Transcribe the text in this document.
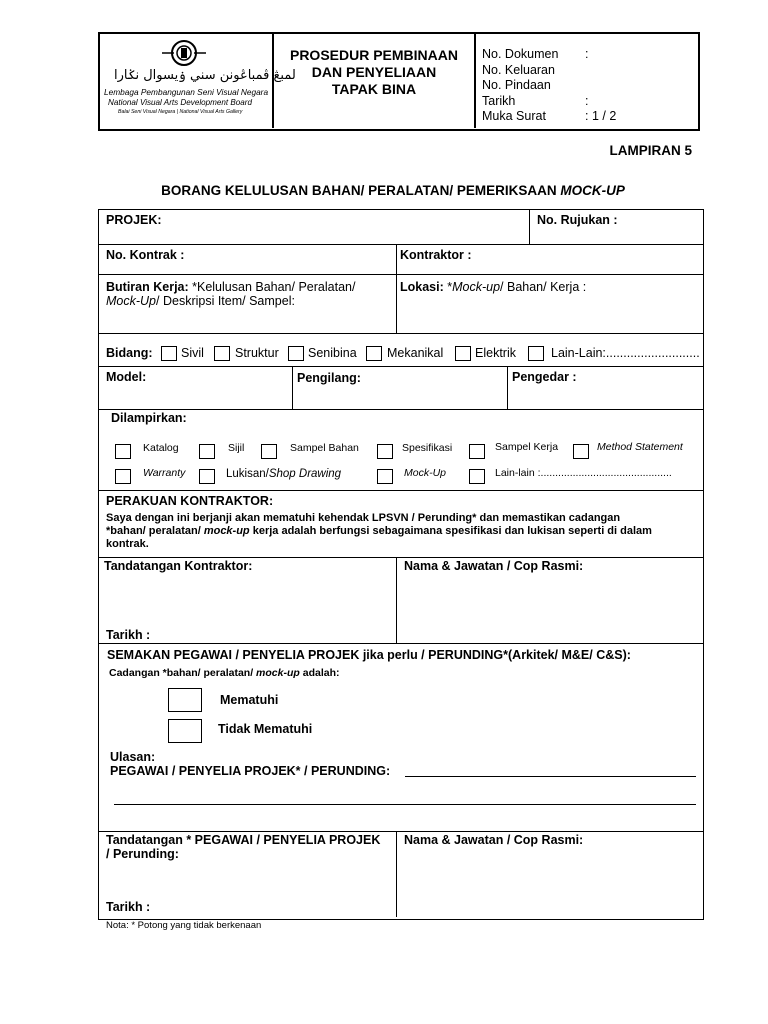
لمبڠ ڤمباڠونن سني ۏيسوال نݢارا
Lembaga Pembangunan Seni Visual Negara
National Visual Arts Development Board
Balai Seni Visual Negara | National Visual Arts Gallery
PROSEDUR PEMBINAAN
DAN PENYELIAAN
TAPAK BINA
No. Dokumen :
No. Keluaran
No. Pindaan
Tarikh	:
Muka Surat	: 1 / 2
LAMPIRAN 5
BORANG KELULUSAN BAHAN/ PERALATAN/ PEMERIKSAAN MOCK-UP
PROJEK:	No. Rujukan :
No. Kontrak :	Kontraktor :
Butiran Kerja: *Kelulusan Bahan/ Peralatan/
Mock-Up/ Deskripsi Item/ Sampel:
Lokasi: *Mock-up/ Bahan/ Kerja :
Bidang: Sivil Struktur Senibina Mekanikal	Elektrik	Lain-Lain:...........................
Model:	Pengilang:	Pengedar :
Dilampirkan:
Katalog	Sijil	Sampel Bahan	Spesifikasi	Sampel Kerja	Method Statement
Warranty	Lukisan/Shop Drawing	Mock-Up	Lain-lain :.............................................
PERAKUAN KONTRAKTOR:
Saya dengan ini berjanji akan mematuhi kehendak LPSVN / Perunding* dan memastikan cadangan
*bahan/ peralatan/ mock-up kerja adalah berfungsi sebagaimana spesifikasi dan lukisan seperti di dalam
kontrak.
Tandatangan Kontraktor:	Nama & Jawatan / Cop Rasmi:
Tarikh :
SEMAKAN PEGAWAI / PENYELIA PROJEK jika perlu / PERUNDING*(Arkitek/ M&E/ C&S):
Cadangan *bahan/ peralatan/ mock-up adalah:
Mematuhi
Tidak Mematuhi
Ulasan:
PEGAWAI / PENYELIA PROJEK* / PERUNDING:
Tandatangan * PEGAWAI / PENYELIA PROJEK
/ Perunding:
Nama & Jawatan / Cop Rasmi:
Tarikh :
Nota: * Potong yang tidak berkenaan
